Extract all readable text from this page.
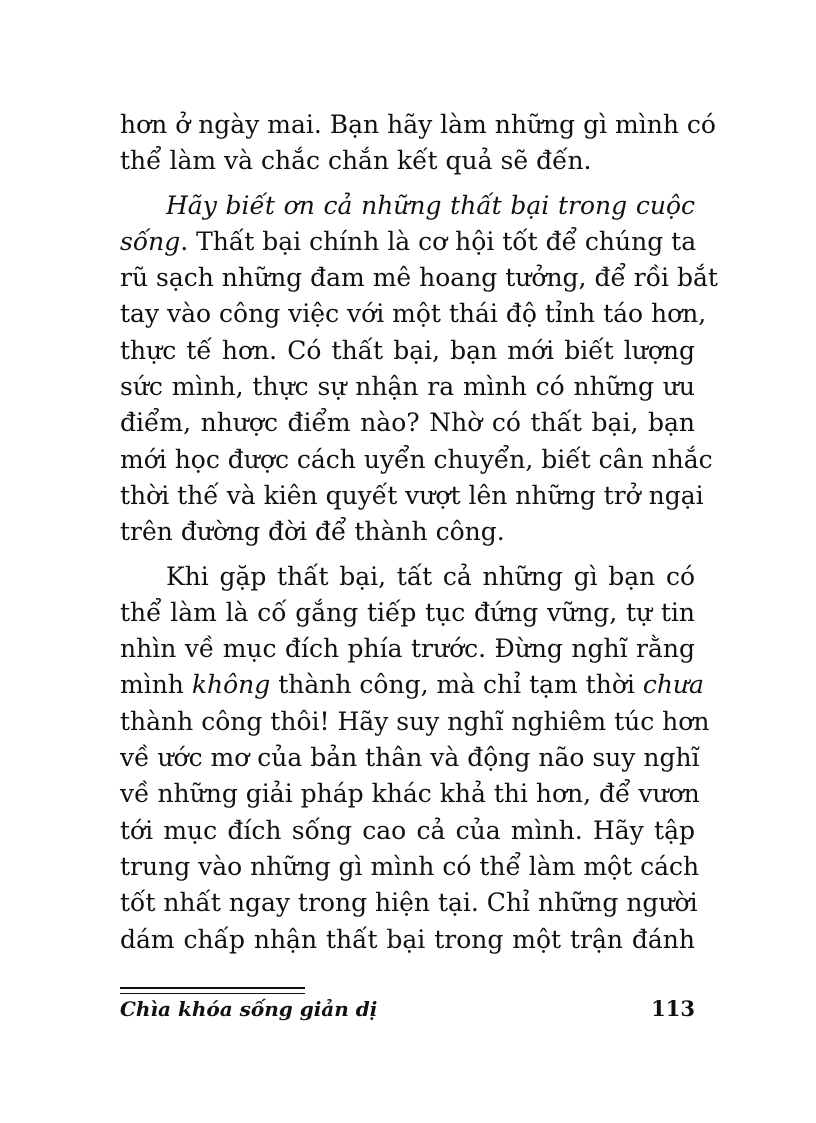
hơn ở ngày mai. Bạn hãy làm những gì mình có
thể làm và chắc chắn kết quả sẽ đến.
Hãy biết ơn cả những thất bại trong cuộc
sống. Thất bại chính là cơ hội tốt để chúng ta
rũ sạch những đam mê hoang tưởng, để rồi bắt
tay vào công việc với một thái độ tỉnh táo hơn,
thực tế hơn. Có thất bại, bạn mới biết lượng
sức mình, thực sự nhận ra mình có những ưu
điểm, nhược điểm nào? Nhờ có thất bại, bạn
mới học được cách uyển chuyển, biết cân nhắc
thời thế và kiên quyết vượt lên những trở ngại
trên đường đời để thành công.
Khi gặp thất bại, tất cả những gì bạn có
thể làm là cố gắng tiếp tục đứng vững, tự tin
nhìn về mục đích phía trước. Đừng nghĩ rằng
mình không thành công, mà chỉ tạm thời chưa
thành công thôi! Hãy suy nghĩ nghiêm túc hơn
về ước mơ của bản thân và động não suy nghĩ
về những giải pháp khác khả thi hơn, để vươn
tới mục đích sống cao cả của mình. Hãy tập
trung vào những gì mình có thể làm một cách
tốt nhất ngay trong hiện tại. Chỉ những người
dám chấp nhận thất bại trong một trận đánh
Chìa khóa sống giản dị	113
